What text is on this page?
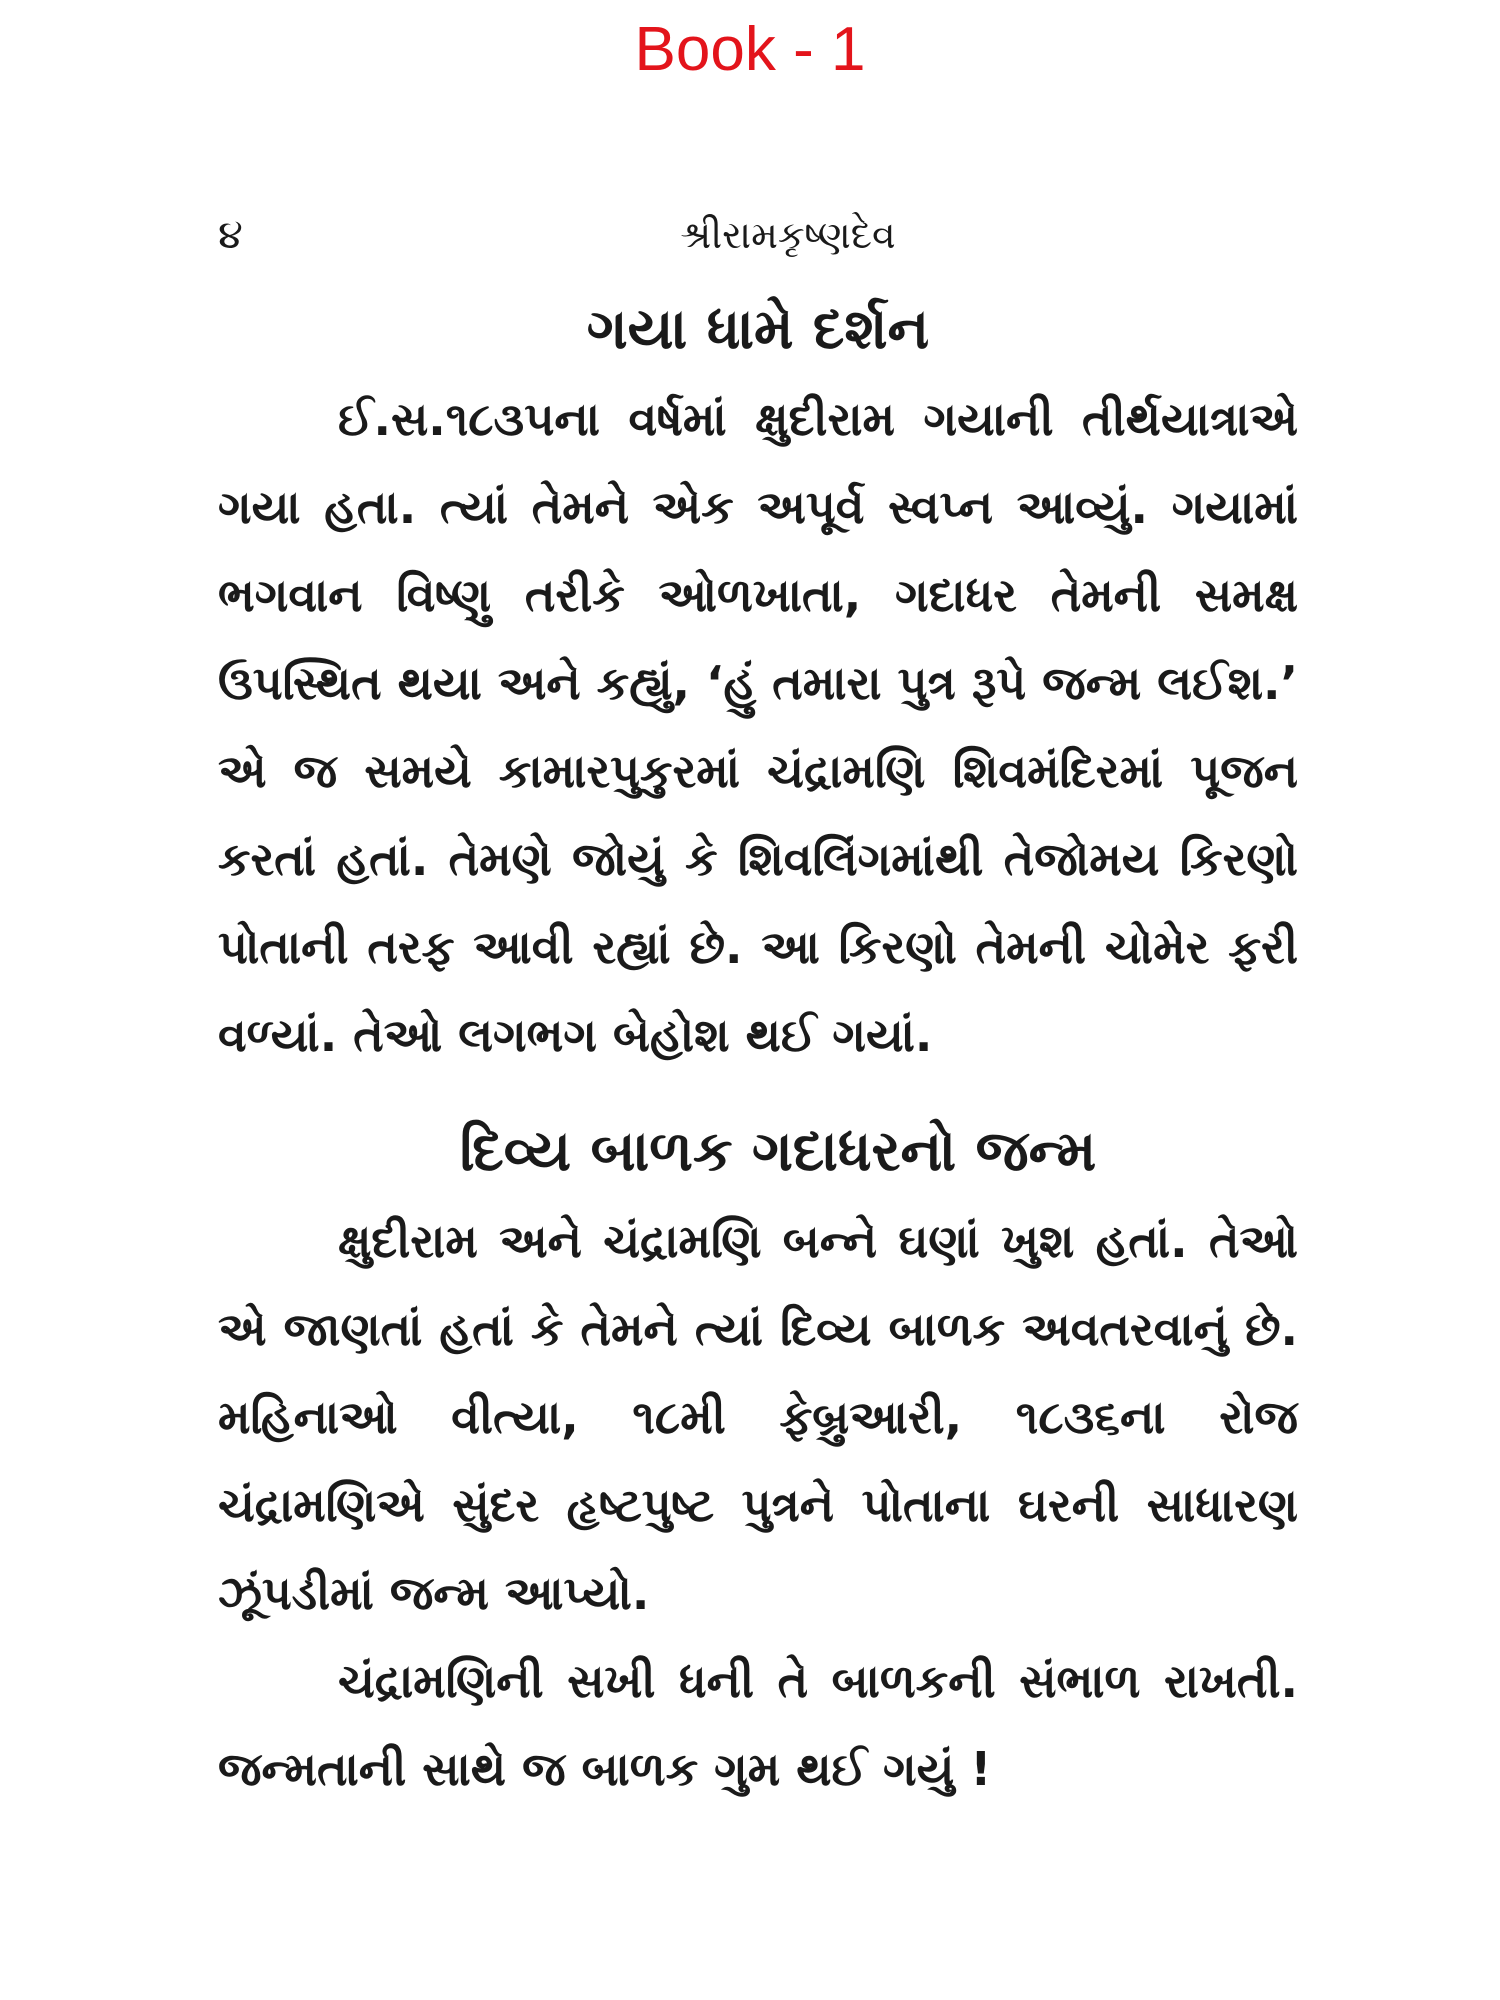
Book - 1
૪	શ્રીરામકૃષ્ણદેવ
ગયા ધામે દર્શન

ઈ.સ.૧૮૩૫ના વર્ષમાં ક્ષુદીરામ ગયાની તીર્થયાત્રાએ ગયા હતા. ત્યાં તેમને એક અપૂર્વ સ્વપ્ન આવ્યું. ગયામાં ભગવાન વિષ્ણુ તરીકે ઓળખાતા, ગદાધર તેમની સમક્ષ ઉપસ્થિત થયા અને કહ્યું, ‘હું તમારા પુત્ર રૂપે જન્મ લઈશ.’ એ જ સમયે કામારપુકુરમાં ચંદ્રામણિ શિવમંદિરમાં પૂજન કરતાં હતાં. તેમણે જોયું કે શિવલિંગમાંથી તેજોમય કિરણો પોતાની તરફ આવી રહ્યાં છે. આ કિરણો તેમની ચોમેર ફરી વળ્યાં. તેઓ લગભગ બેહોશ થઈ ગયાં.

દિવ્ય બાળક ગદાધરનો જન્મ

ક્ષુદીરામ અને ચંદ્રામણિ બન્ને ઘણાં ખુશ હતાં. તેઓ એ જાણતાં હતાં કે તેમને ત્યાં દિવ્ય બાળક અવતરવાનું છે. મહિનાઓ વીત્યા, ૧૮મી ફેબ્રુઆરી, ૧૮૩૬ના રોજ ચંદ્રામણિએ સુંદર હૃષ્ટપુષ્ટ પુત્રને પોતાના ઘરની સાધારણ ઝૂંપડીમાં જન્મ આપ્યો.

ચંદ્રામણિની સખી ધની તે બાળકની સંભાળ રાખતી. જન્મતાની સાથે જ બાળક ગુમ થઈ ગયું !
